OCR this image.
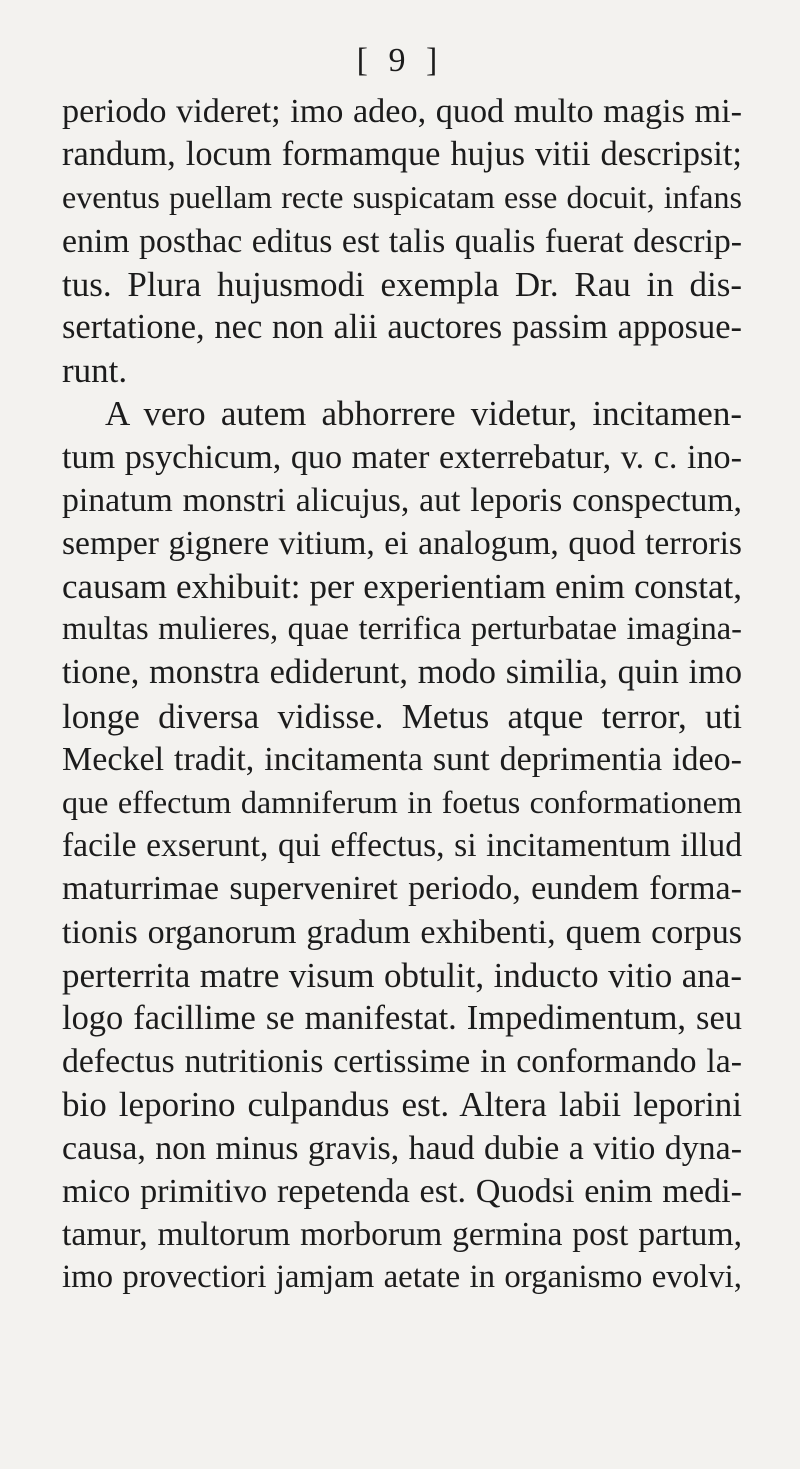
[ 9 ]
periodo videret; imo adeo, quod multo magis mi-
randum, locum formamque hujus vitii descripsit;
eventus puellam recte suspicatam esse docuit, infans
enim posthac editus est talis qualis fuerat descrip-
tus. Plura hujusmodi exempla Dr. Rau in dis-
sertatione, nec non alii auctores passim apposue-
runt.
A vero autem abhorrere videtur, incitamen-
tum psychicum, quo mater exterrebatur, v. c. ino-
pinatum monstri alicujus, aut leporis conspectum,
semper gignere vitium, ei analogum, quod terroris
causam exhibuit: per experientiam enim constat,
multas mulieres, quae terrifica perturbatae imagina-
tione, monstra ediderunt, modo similia, quin imo
longe diversa vidisse. Metus atque terror, uti
Meckel tradit, incitamenta sunt deprimentia ideo-
que effectum damniferum in foetus conformationem
facile exserunt, qui effectus, si incitamentum illud
maturrimae superveniret periodo, eundem forma-
tionis organorum gradum exhibenti, quem corpus
perterrita matre visum obtulit, inducto vitio ana-
logo facillime se manifestat. Impedimentum, seu
defectus nutritionis certissime in conformando la-
bio leporino culpandus est. Altera labii leporini
causa, non minus gravis, haud dubie a vitio dyna-
mico primitivo repetenda est. Quodsi enim medi-
tamur, multorum morborum germina post partum,
imo provectiori jamjam aetate in organismo evolvi,
